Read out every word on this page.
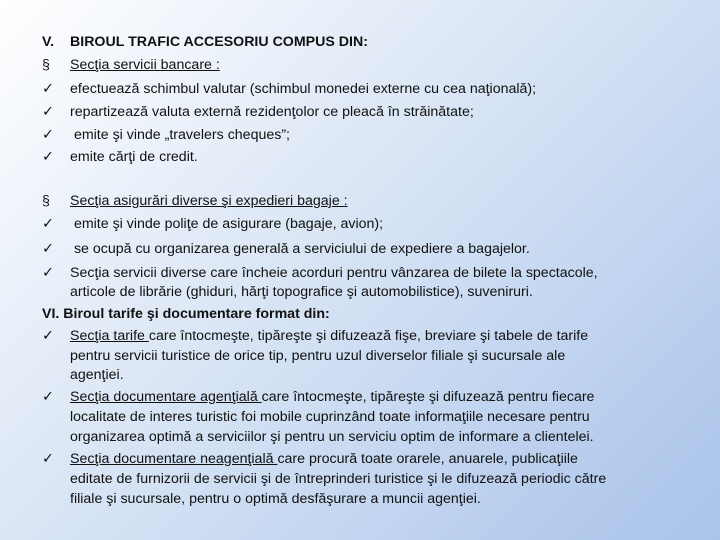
V.	BIROUL TRAFIC ACCESORIU COMPUS DIN:
§	Secţia servicii bancare :
✓	efectuează schimbul valutar (schimbul monedei externe cu cea naţională);
✓	repartizează valuta externă rezidenţolor ce pleacă în străinătate;
✓	emite şi vinde „travelers cheques”;
✓	emite cărţi de credit.
§	Secţia asigurări diverse şi expedieri bagaje :
✓	emite şi vinde poliţe de asigurare (bagaje, avion);
✓	se ocupă cu organizarea generală a serviciului de expediere a bagajelor.
✓	Secţia servicii diverse care încheie acorduri pentru vânzarea de bilete la spectacole,
articole de librărie (ghiduri, hărţi topografice şi automobilistice), suveniruri.
VI. Biroul tarife şi documentare format din:
✓	Secţia tarife care întocmeşte, tipăreşte şi difuzează fişe, breviare şi tabele de tarife
pentru servicii turistice de orice tip, pentru uzul diverselor filiale şi sucursale ale
agenţiei.
✓	Secţia documentare agenţială care întocmeşte, tipăreşte şi difuzează pentru fiecare
localitate de interes turistic foi mobile cuprinzând toate informaţiile necesare pentru
organizarea optimă a serviciilor şi pentru un serviciu optim de informare a clientelei.
✓	Secţia documentare neagenţială care procură toate orarele, anuarele, publicaţiile
editate de furnizorii de servicii şi de întreprinderi turistice şi le difuzează periodic către
filiale şi sucursale, pentru o optimă desfăşurare a muncii agenţiei.
